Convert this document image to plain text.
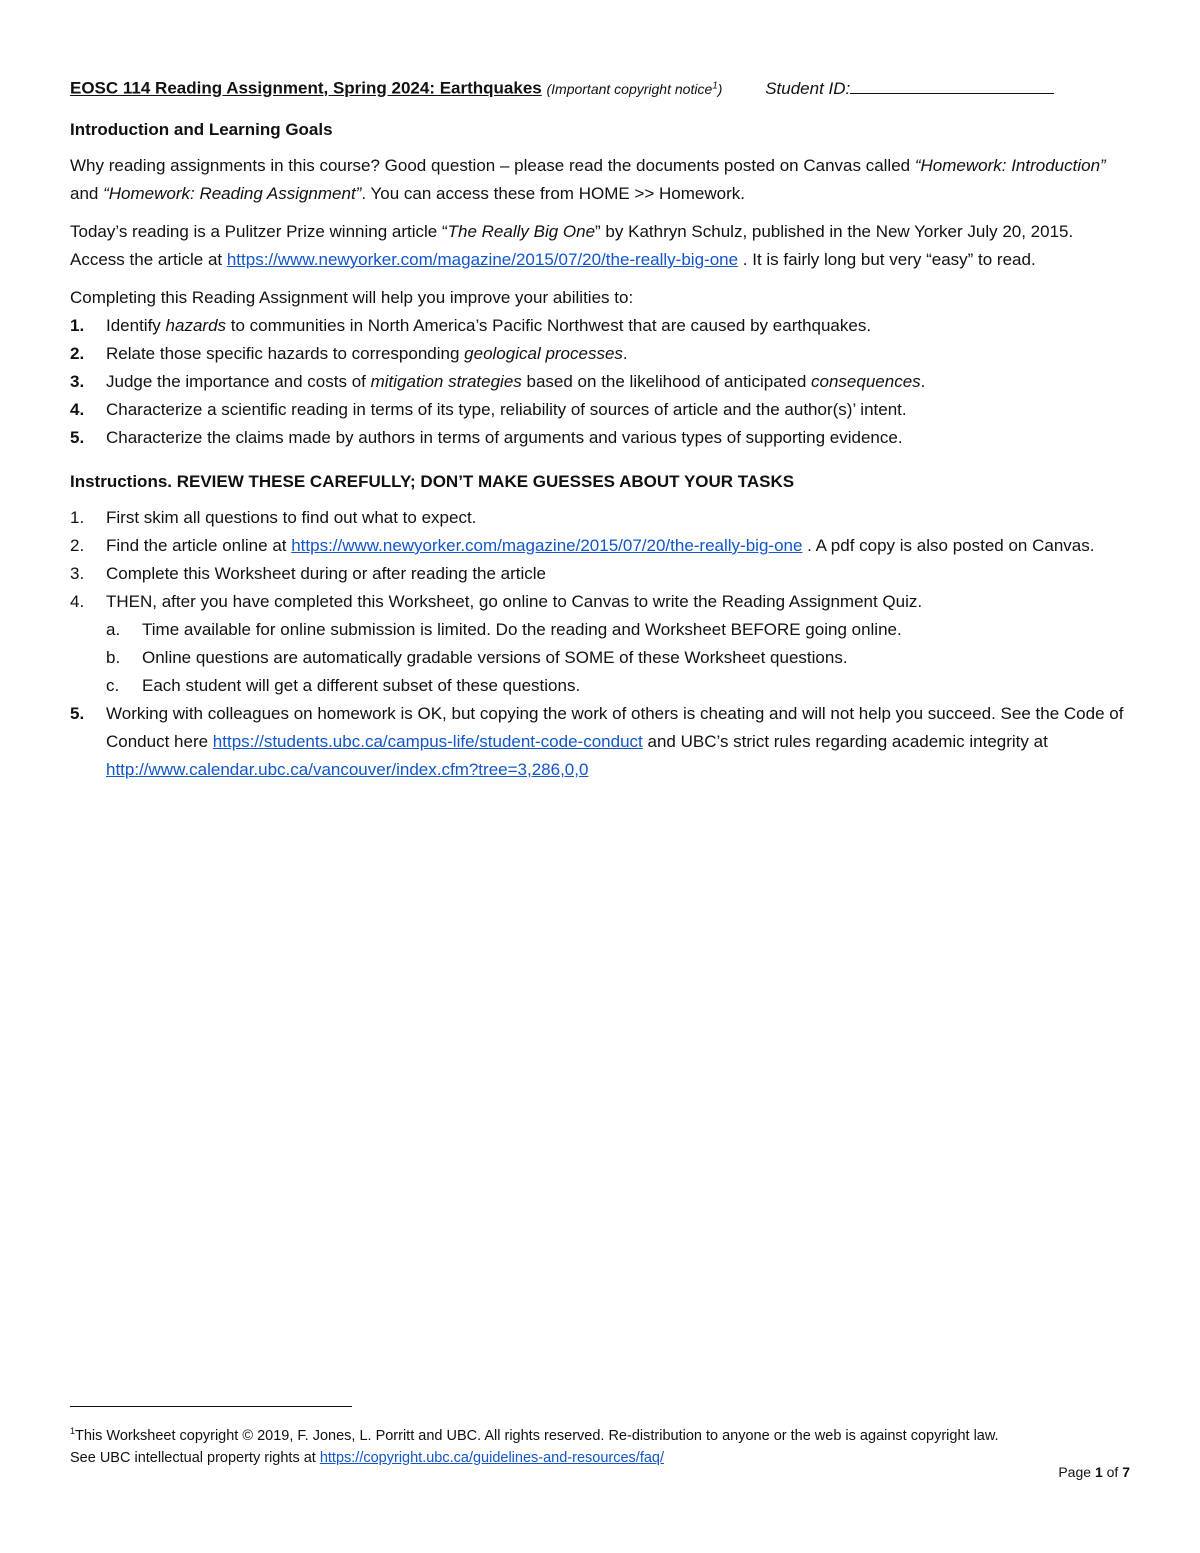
EOSC 114 Reading Assignment, Spring 2024: Earthquakes (Important copyright notice$^1$)	Student ID:
Introduction and Learning Goals

Why reading assignments in this course? Good question – please read the documents posted on Canvas called “Homework: Introduction” and “Homework: Reading Assignment”. You can access these from HOME >> Homework.

Today’s reading is a Pulitzer Prize winning article “The Really Big One” by Kathryn Schulz, published in the New Yorker July 20, 2015. Access the article at https://www.newyorker.com/magazine/2015/07/20/the-really-big-one . It is fairly long but very “easy” to read.

Completing this Reading Assignment will help you improve your abilities to:

1. Identify hazards to communities in North America’s Pacific Northwest that are caused by earthquakes.
2. Relate those specific hazards to corresponding geological processes.
3. Judge the importance and costs of mitigation strategies based on the likelihood of anticipated consequences.
4. Characterize a scientific reading in terms of its type, reliability of sources of article and the author(s)’ intent.
5. Characterize the claims made by authors in terms of arguments and various types of supporting evidence.
Instructions. REVIEW THESE CAREFULLY; DON’T MAKE GUESSES ABOUT YOUR TASKS
1. First skim all questions to find out what to expect.
2. Find the article online at https://www.newyorker.com/magazine/2015/07/20/the-really-big-one . A pdf copy is also posted on Canvas.
3. Complete this Worksheet during or after reading the article
4. THEN, after you have completed this Worksheet, go online to Canvas to write the Reading Assignment Quiz.
a. Time available for online submission is limited. Do the reading and Worksheet BEFORE going online.
b. Online questions are automatically gradable versions of SOME of these Worksheet questions.
c. Each student will get a different subset of these questions.
5. Working with colleagues on homework is OK, but copying the work of others is cheating and will not help you succeed. See the Code of Conduct here https://students.ubc.ca/campus-life/student-code-conduct and UBC’s strict rules regarding academic integrity at http://www.calendar.ubc.ca/vancouver/index.cfm?tree=3,286,0,0
$^1$This Worksheet copyright © 2019, F. Jones, L. Porritt and UBC. All rights reserved. Re-distribution to anyone or the web is against copyright law.
See UBC intellectual property rights at https://copyright.ubc.ca/guidelines-and-resources/faq/
Page 1 of 7
